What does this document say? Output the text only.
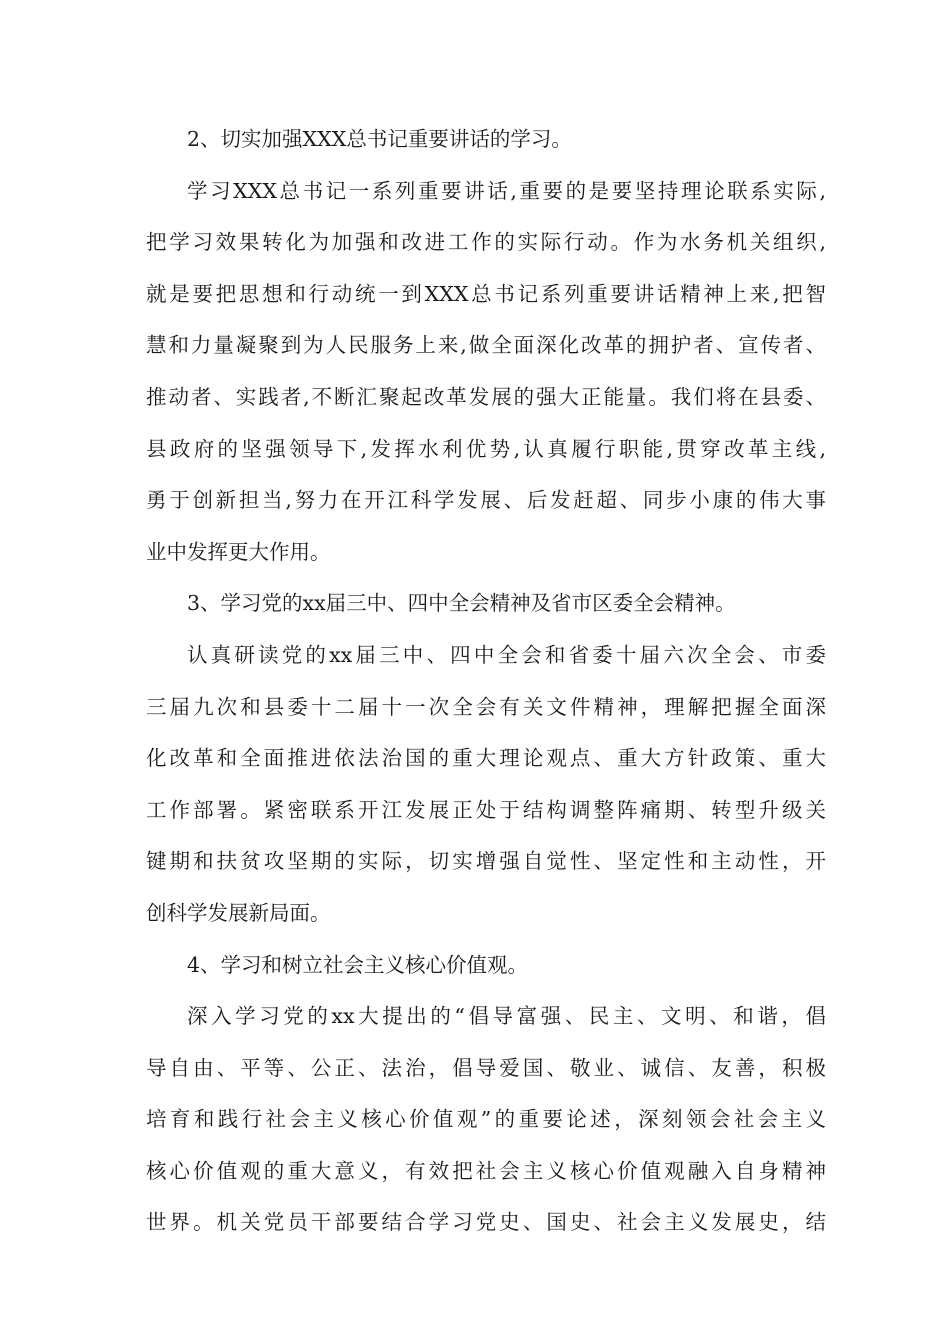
2、切实加强XXX总书记重要讲话的学习。
学习XXX总书记一系列重要讲话,重要的是要坚持理论联系实际,
把学习效果转化为加强和改进工作的实际行动。作为水务机关组织,
就是要把思想和行动统一到XXX总书记系列重要讲话精神上来,把智
慧和力量凝聚到为人民服务上来,做全面深化改革的拥护者、宣传者、
推动者、实践者,不断汇聚起改革发展的强大正能量。我们将在县委、
县政府的坚强领导下,发挥水利优势,认真履行职能,贯穿改革主线,
勇于创新担当,努力在开江科学发展、后发赶超、同步小康的伟大事
业中发挥更大作用。
3、学习党的xx届三中、四中全会精神及省市区委全会精神。
认真研读党的xx届三中、四中全会和省委十届六次全会、市委
三届九次和县委十二届十一次全会有关文件精神，理解把握全面深
化改革和全面推进依法治国的重大理论观点、重大方针政策、重大
工作部署。紧密联系开江发展正处于结构调整阵痛期、转型升级关
键期和扶贫攻坚期的实际，切实增强自觉性、坚定性和主动性，开
创科学发展新局面。
4、学习和树立社会主义核心价值观。
深入学习党的xx大提出的“倡导富强、民主、文明、和谐，倡
导自由、平等、公正、法治，倡导爱国、敬业、诚信、友善，积极
培育和践行社会主义核心价值观”的重要论述，深刻领会社会主义
核心价值观的重大意义，有效把社会主义核心价值观融入自身精神
世界。机关党员干部要结合学习党史、国史、社会主义发展史，结
